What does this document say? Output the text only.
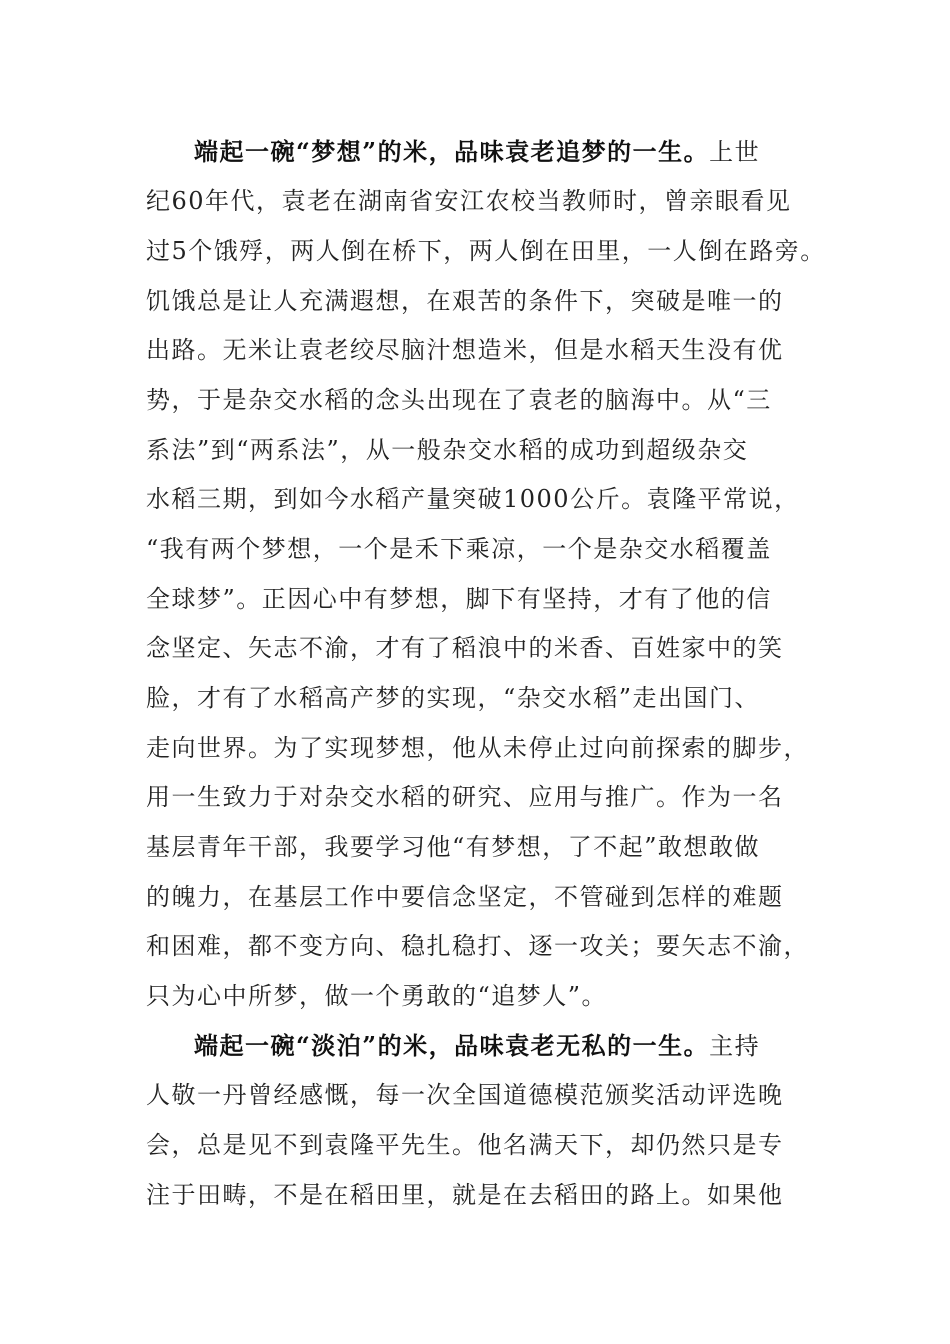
端起一碗“梦想”的米，品味袁老追梦的一生。上世
纪60年代，袁老在湖南省安江农校当教师时，曾亲眼看见
过5个饿殍，两人倒在桥下，两人倒在田里，一人倒在路旁。
饥饿总是让人充满遐想，在艰苦的条件下，突破是唯一的
出路。无米让袁老绞尽脑汁想造米，但是水稻天生没有优
势，于是杂交水稻的念头出现在了袁老的脑海中。从“三
系法”到“两系法”，从一般杂交水稻的成功到超级杂交
水稻三期，到如今水稻产量突破1000公斤。袁隆平常说，
“我有两个梦想，一个是禾下乘凉，一个是杂交水稻覆盖
全球梦”。正因心中有梦想，脚下有坚持，才有了他的信
念坚定、矢志不渝，才有了稻浪中的米香、百姓家中的笑
脸，才有了水稻高产梦的实现，“杂交水稻”走出国门、
走向世界。为了实现梦想，他从未停止过向前探索的脚步，
用一生致力于对杂交水稻的研究、应用与推广。作为一名
基层青年干部，我要学习他“有梦想，了不起”敢想敢做
的魄力，在基层工作中要信念坚定，不管碰到怎样的难题
和困难，都不变方向、稳扎稳打、逐一攻关；要矢志不渝，
只为心中所梦，做一个勇敢的“追梦人”。
端起一碗“淡泊”的米，品味袁老无私的一生。主持
人敬一丹曾经感慨，每一次全国道德模范颁奖活动评选晚
会，总是见不到袁隆平先生。他名满天下，却仍然只是专
注于田畴，不是在稻田里，就是在去稻田的路上。如果他
